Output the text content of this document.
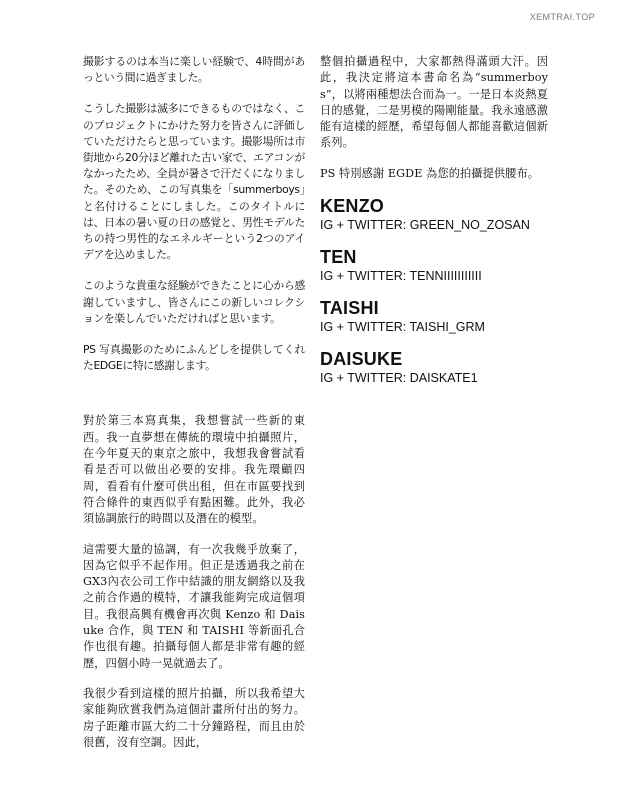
XEMTRAI.TOP

撮影するのは本当に楽しい経験で、4時間があっという間に過ぎました。

こうした撮影は滅多にできるものではなく、このプロジェクトにかけた努力を皆さんに評価していただけたらと思っています。撮影場所は市街地から20分ほど離れた古い家で、エアコンがなかったため、全員が暑さで汗だくになりました。そのため、この写真集を「summerboys」と名付けることにしました。このタイトルには、日本の暑い夏の日の感覚と、男性モデルたちの持つ男性的なエネルギーという2つのアイデアを込めました。

このような貴重な経験ができたことに心から感謝していますし、皆さんにこの新しいコレクションを楽しんでいただければと思います。

PS 写真撮影のためにふんどしを提供してくれたEDGEに特に感謝します。

對於第三本寫真集，我想嘗試一些新的東西。我一直夢想在傳統的環境中拍攝照片，在今年夏天的東京之旅中，我想我會嘗試看看是否可以做出必要的安排。我先環顧四周，看看有什麼可供出租，但在市區要找到符合條件的東西似乎有點困難。此外，我必須協調旅行的時間以及潛在的模型。

這需要大量的協調，有一次我幾乎放棄了，因為它似乎不起作用。但正是透過我之前在GX3內衣公司工作中結識的朋友網絡以及我之前合作過的模特，才讓我能夠完成這個項目。我很高興有機會再次與 Kenzo 和 Daisuke 合作，與 TEN 和 TAISHI 等新面孔合作也很有趣。拍攝每個人都是非常有趣的經歷，四個小時一晃就過去了。

我很少看到這樣的照片拍攝，所以我希望大家能夠欣賞我們為這個計畫所付出的努力。房子距離市區大約二十分鐘路程，而且由於很舊，沒有空調。因此，

整個拍攝過程中，大家都熱得滿頭大汗。因此，我決定將這本書命名為“summerboys”，以將兩種想法合而為一。一是日本炎熱夏日的感覺，二是男模的陽剛能量。我永遠感激能有這樣的經歷，希望每個人都能喜歡這個新系列。

PS 特別感謝 EGDE 為您的拍攝提供腰布。

KENZO
IG + TWITTER: GREEN_NO_ZOSAN
TEN
IG + TWITTER: TENNIIIIIIIIIII
TAISHI
IG + TWITTER: TAISHI_GRM
DAISUKE
IG + TWITTER: DAISKATE1
